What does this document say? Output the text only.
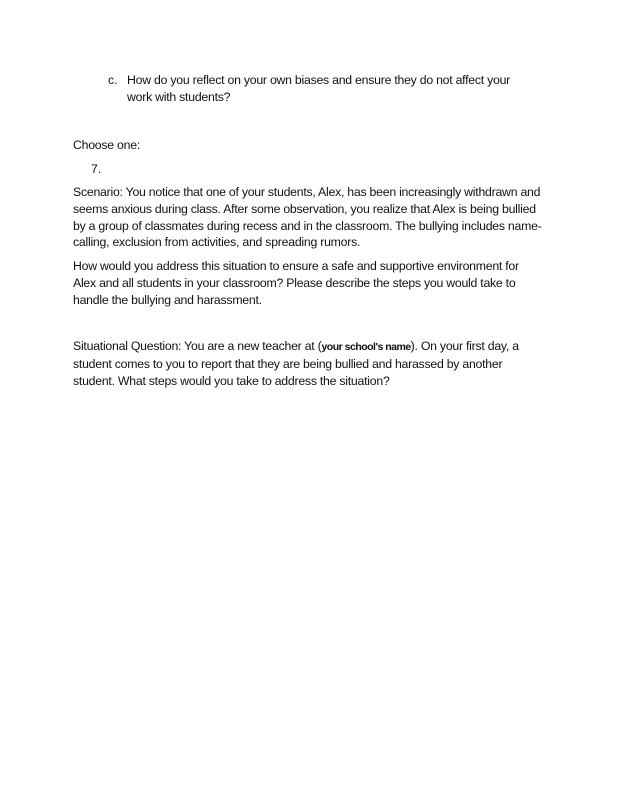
c. How do you reflect on your own biases and ensure they do not affect your work with students?

Choose one:

7.

Scenario: You notice that one of your students, Alex, has been increasingly withdrawn and seems anxious during class. After some observation, you realize that Alex is being bullied by a group of classmates during recess and in the classroom. The bullying includes name-calling, exclusion from activities, and spreading rumors.

How would you address this situation to ensure a safe and supportive environment for Alex and all students in your classroom? Please describe the steps you would take to handle the bullying and harassment.

Situational Question: You are a new teacher at (your school's name). On your first day, a student comes to you to report that they are being bullied and harassed by another student. What steps would you take to address the situation?
